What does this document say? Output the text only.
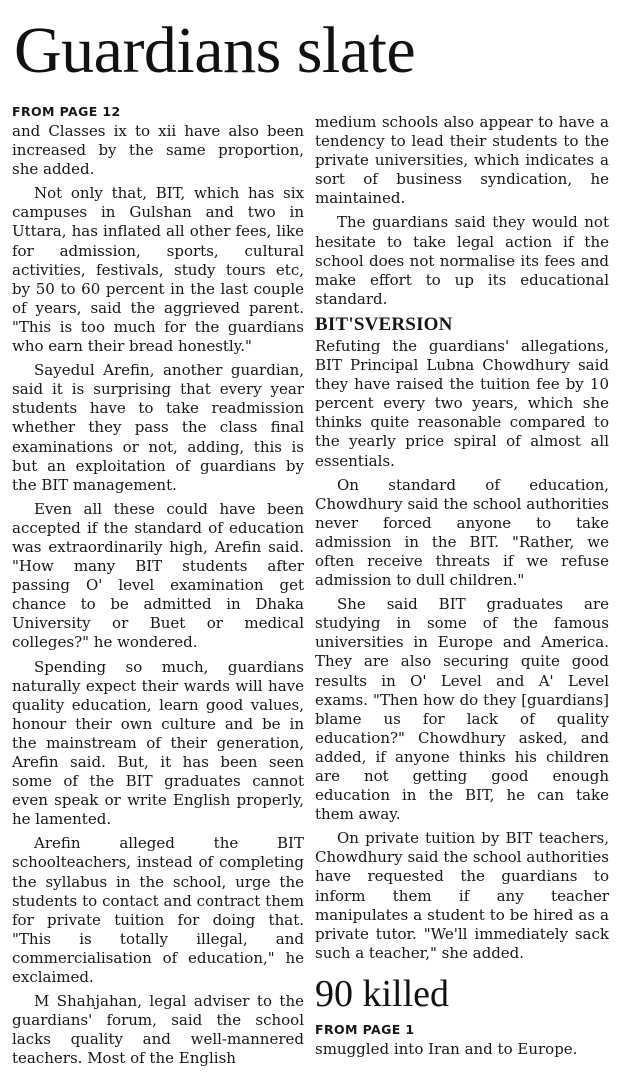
Guardians slate
FROM PAGE 12

and Classes ix to xii have also been increased by the same proportion, she added.

Not only that, BIT, which has six campuses in Gulshan and two in Uttara, has inflated all other fees, like for admission, sports, cultural activities, festivals, study tours etc, by 50 to 60 percent in the last couple of years, said the aggrieved parent. "This is too much for the guardians who earn their bread honestly."

Sayedul Arefin, another guardian, said it is surprising that every year students have to take readmission whether they pass the class final examinations or not, adding, this is but an exploitation of guardians by the BIT management.

Even all these could have been accepted if the standard of education was extraordinarily high, Arefin said. "How many BIT students after passing O' level examination get chance to be admitted in Dhaka University or Buet or medical colleges?" he wondered.

Spending so much, guardians naturally expect their wards will have quality education, learn good values, honour their own culture and be in the mainstream of their generation, Arefin said. But, it has been seen some of the BIT graduates cannot even speak or write English properly, he lamented.

Arefin alleged the BIT schoolteachers, instead of completing the syllabus in the school, urge the students to contact and contract them for private tuition for doing that. "This is totally illegal, and commercialisation of education," he exclaimed.

M Shahjahan, legal adviser to the guardians' forum, said the school lacks quality and well-mannered teachers. Most of the English

medium schools also appear to have a tendency to lead their students to the private universities, which indicates a sort of business syndication, he maintained.

The guardians said they would not hesitate to take legal action if the school does not normalise its fees and make effort to up its educational standard.

BIT'SVERSION

Refuting the guardians' allegations, BIT Principal Lubna Chowdhury said they have raised the tuition fee by 10 percent every two years, which she thinks quite reasonable compared to the yearly price spiral of almost all essentials.

On standard of education, Chowdhury said the school authorities never forced anyone to take admission in the BIT. "Rather, we often receive threats if we refuse admission to dull children."

She said BIT graduates are studying in some of the famous universities in Europe and America. They are also securing quite good results in O' Level and A' Level exams. "Then how do they [guardians] blame us for lack of quality education?" Chowdhury asked, and added, if anyone thinks his children are not getting good enough education in the BIT, he can take them away.

On private tuition by BIT teachers, Chowdhury said the school authorities have requested the guardians to inform them if any teacher manipulates a student to be hired as a private tutor. "We'll immediately sack such a teacher," she added.

90 killed
FROM PAGE 1

smuggled into Iran and to Europe.
